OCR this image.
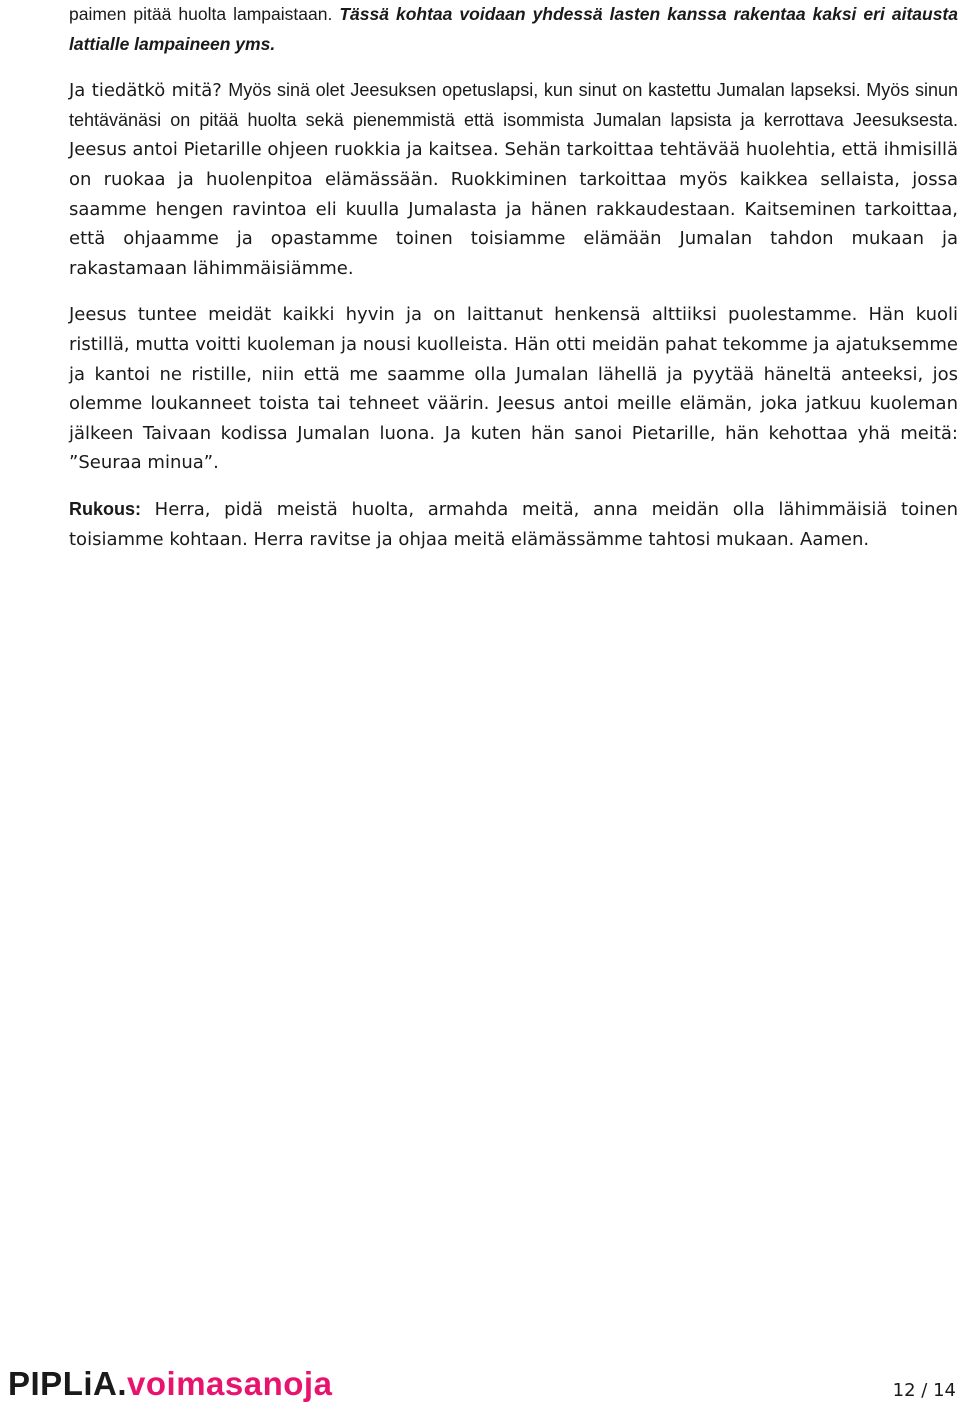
paimen pitää huolta lampaistaan. Tässä kohtaa voidaan yhdessä lasten kanssa rakentaa kaksi eri aitausta lattialle lampaineen yms.

Ja tiedätkö mitä? Myös sinä olet Jeesuksen opetuslapsi, kun sinut on kastettu Jumalan lapseksi. Myös sinun tehtävänäsi on pitää huolta sekä pienemmistä että isommista Jumalan lapsista ja kerrottava Jeesuksesta. Jeesus antoi Pietarille ohjeen ruokkia ja kaitsea. Sehän tarkoittaa tehtävää huolehtia, että ihmisillä on ruokaa ja huolenpitoa elämässään. Ruokkiminen tarkoittaa myös kaikkea sellaista, jossa saamme hengen ravintoa eli kuulla Jumalasta ja hänen rakkaudestaan. Kaitseminen tarkoittaa, että ohjaamme ja opastamme toinen toisiamme elämään Jumalan tahdon mukaan ja rakastamaan lähimmäisiämme.

Jeesus tuntee meidät kaikki hyvin ja on laittanut henkensä alttiiksi puolestamme. Hän kuoli ristillä, mutta voitti kuoleman ja nousi kuolleista. Hän otti meidän pahat tekomme ja ajatuksemme ja kantoi ne ristille, niin että me saamme olla Jumalan lähellä ja pyytää häneltä anteeksi, jos olemme loukanneet toista tai tehneet väärin. Jeesus antoi meille elämän, joka jatkuu kuoleman jälkeen Taivaan kodissa Jumalan luona. Ja kuten hän sanoi Pietarille, hän kehottaa yhä meitä: ”Seuraa minua”.

Rukous: Herra, pidä meistä huolta, armahda meitä, anna meidän olla lähimmäisiä toinen toisiamme kohtaan. Herra ravitse ja ohjaa meitä elämässämme tahtosi mukaan. Aamen.

PIPLiA. voimasanoja	12 / 14
